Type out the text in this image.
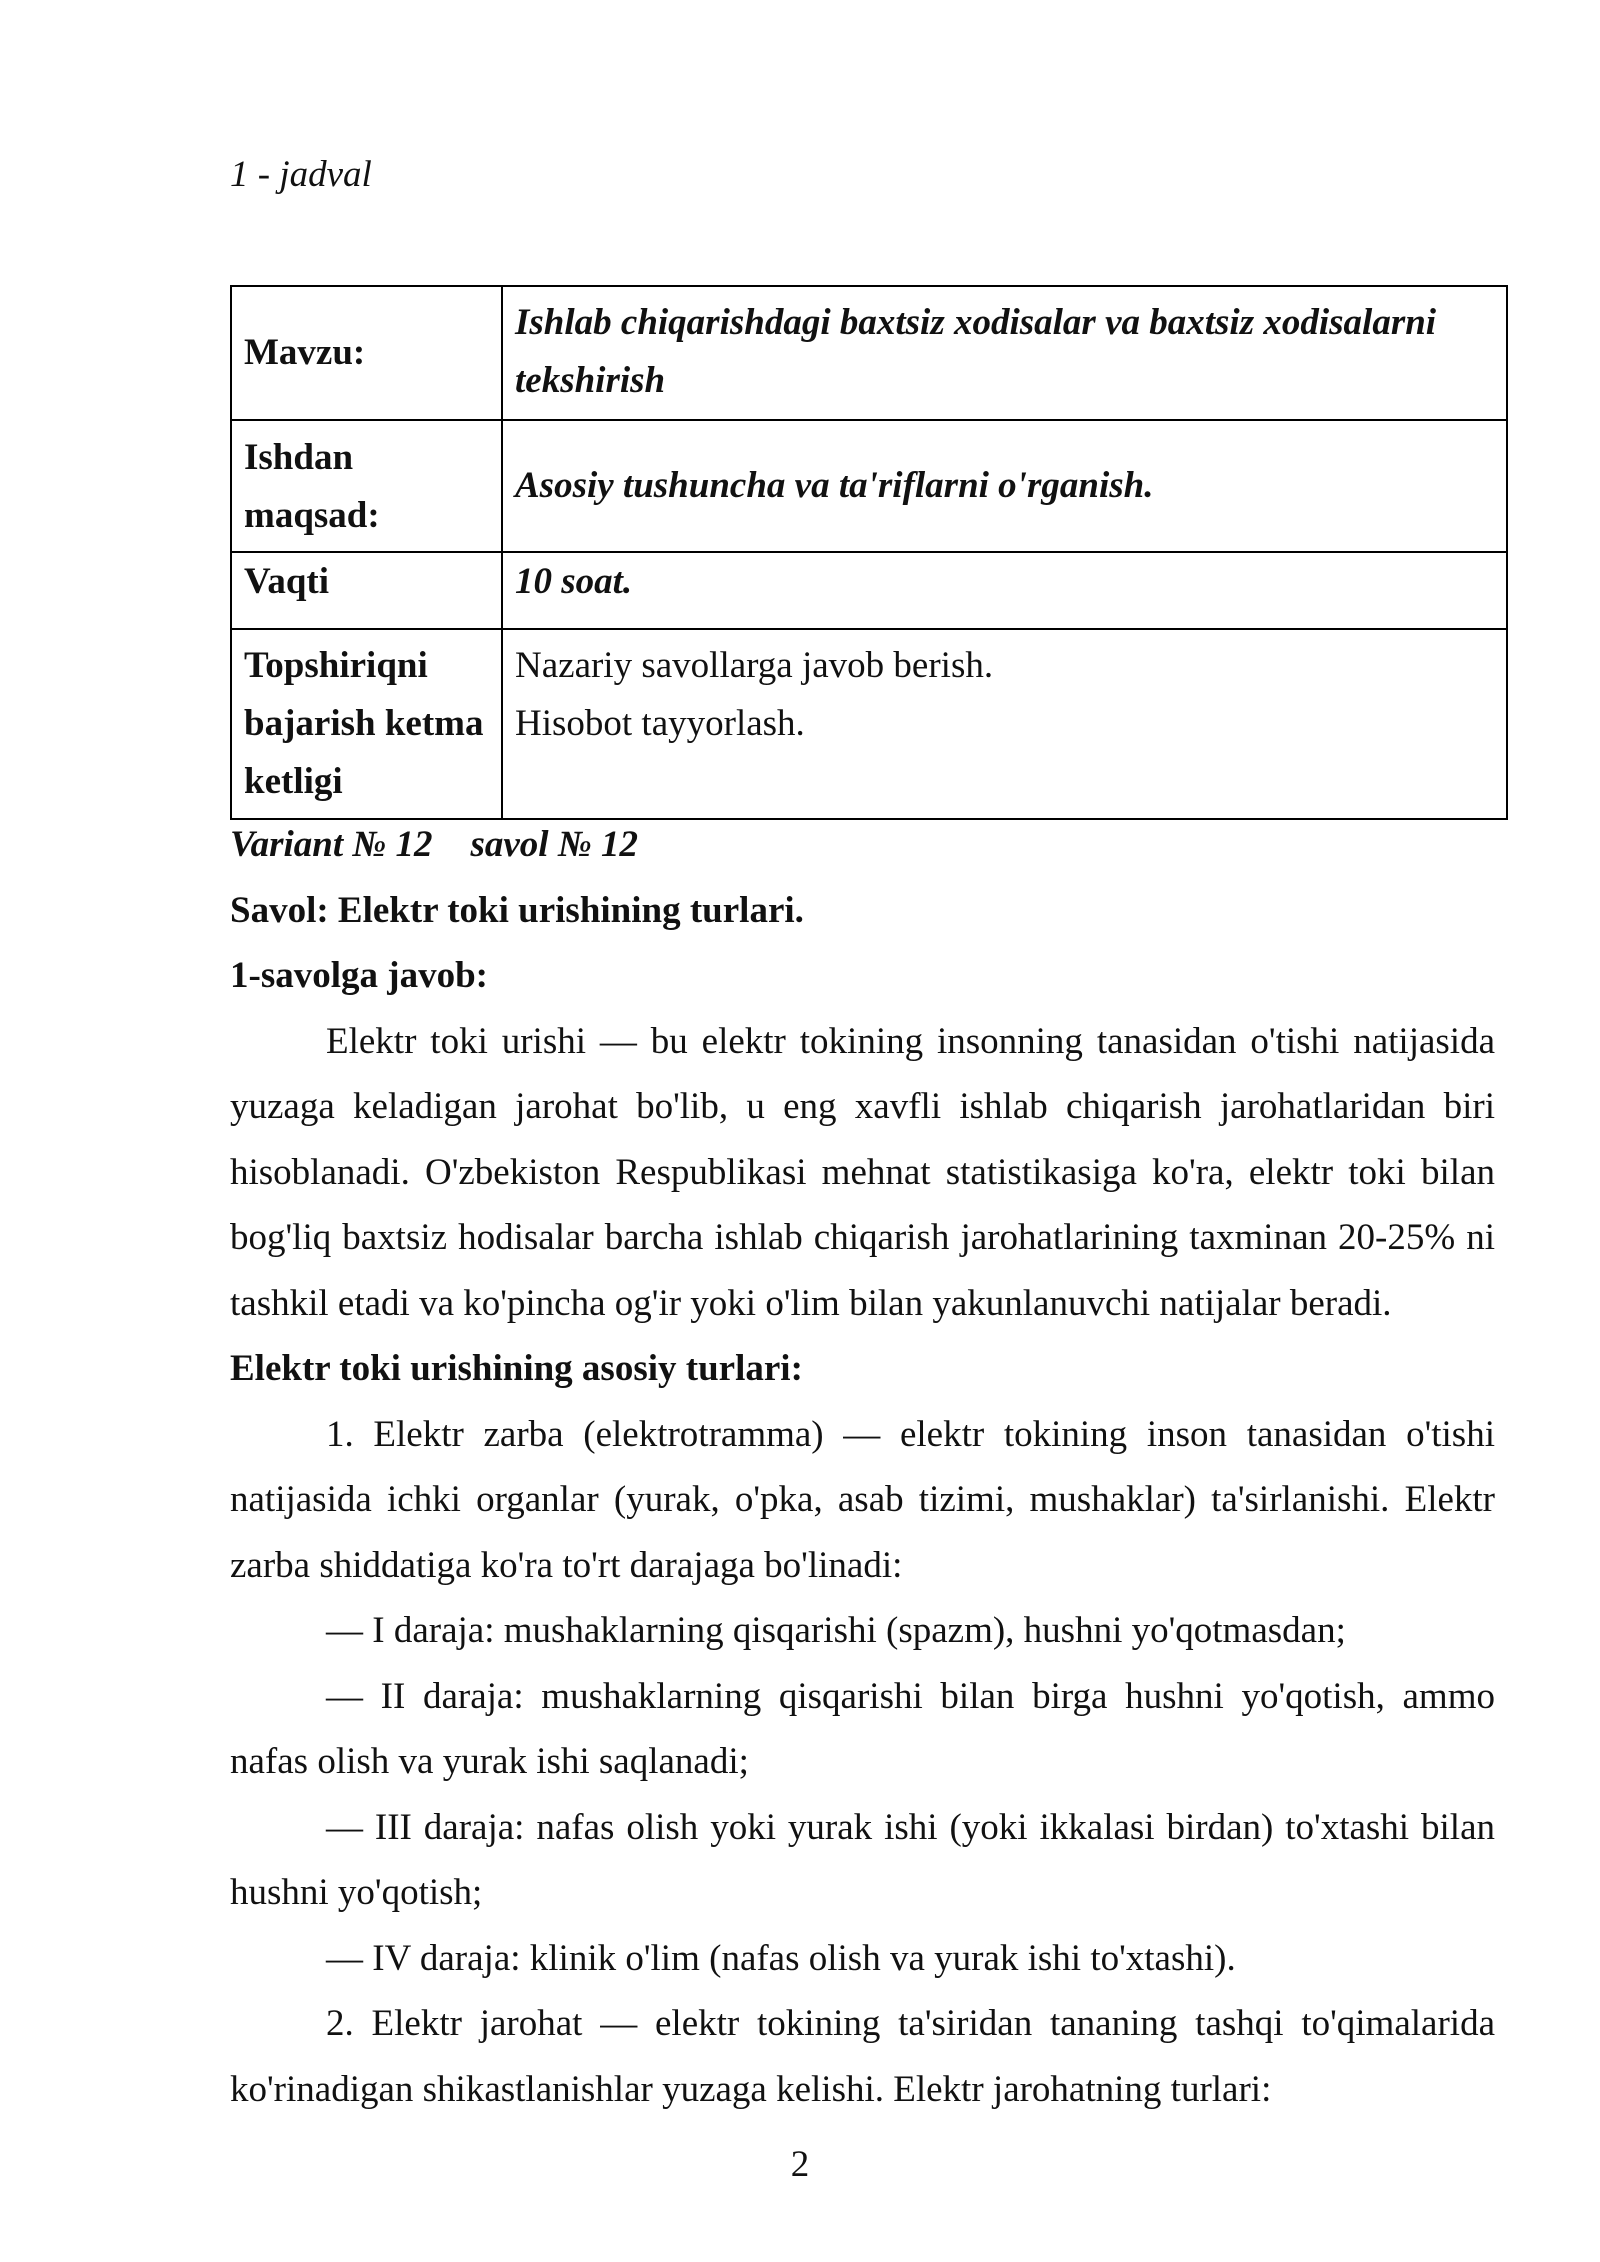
1 - jadval
Mavzu:	Ishlab chiqarishdagi baxtsiz xodisalar va baxtsiz xodisalarni tekshirish
Ishdan maqsad:	Asosiy tushuncha va ta'riflarni o'rganish.
Vaqti	10 soat.
Topshiriqni bajarish ketma ketligi	Nazariy savollarga javob berish.
Hisobot tayyorlash.

Variant № 12 savol № 12

Savol: Elektr toki urishining turlari.

1-savolga javob:

Elektr toki urishi — bu elektr tokining insonning tanasidan o'tishi natijasida yuzaga keladigan jarohat bo'lib, u eng xavfli ishlab chiqarish jarohatlaridan biri hisoblanadi. O'zbekiston Respublikasi mehnat statistikasiga ko'ra, elektr toki bilan bog'liq baxtsiz hodisalar barcha ishlab chiqarish jarohatlarining taxminan 20-25% ni tashkil etadi va ko'pincha og'ir yoki o'lim bilan yakunlanuvchi natijalar beradi.

Elektr toki urishining asosiy turlari:

1. Elektr zarba (elektrotramma) — elektr tokining inson tanasidan o'tishi natijasida ichki organlar (yurak, o'pka, asab tizimi, mushaklar) ta'sirlanishi. Elektr zarba shiddatiga ko'ra to'rt darajaga bo'linadi:

— I daraja: mushaklarning qisqarishi (spazm), hushni yo'qotmasdan;

— II daraja: mushaklarning qisqarishi bilan birga hushni yo'qotish, ammo nafas olish va yurak ishi saqlanadi;

— III daraja: nafas olish yoki yurak ishi (yoki ikkalasi birdan) to'xtashi bilan hushni yo'qotish;

— IV daraja: klinik o'lim (nafas olish va yurak ishi to'xtashi).

2. Elektr jarohat — elektr tokining ta'siridan tananing tashqi to'qimalarida ko'rinadigan shikastlanishlar yuzaga kelishi. Elektr jarohatning turlari:

2
